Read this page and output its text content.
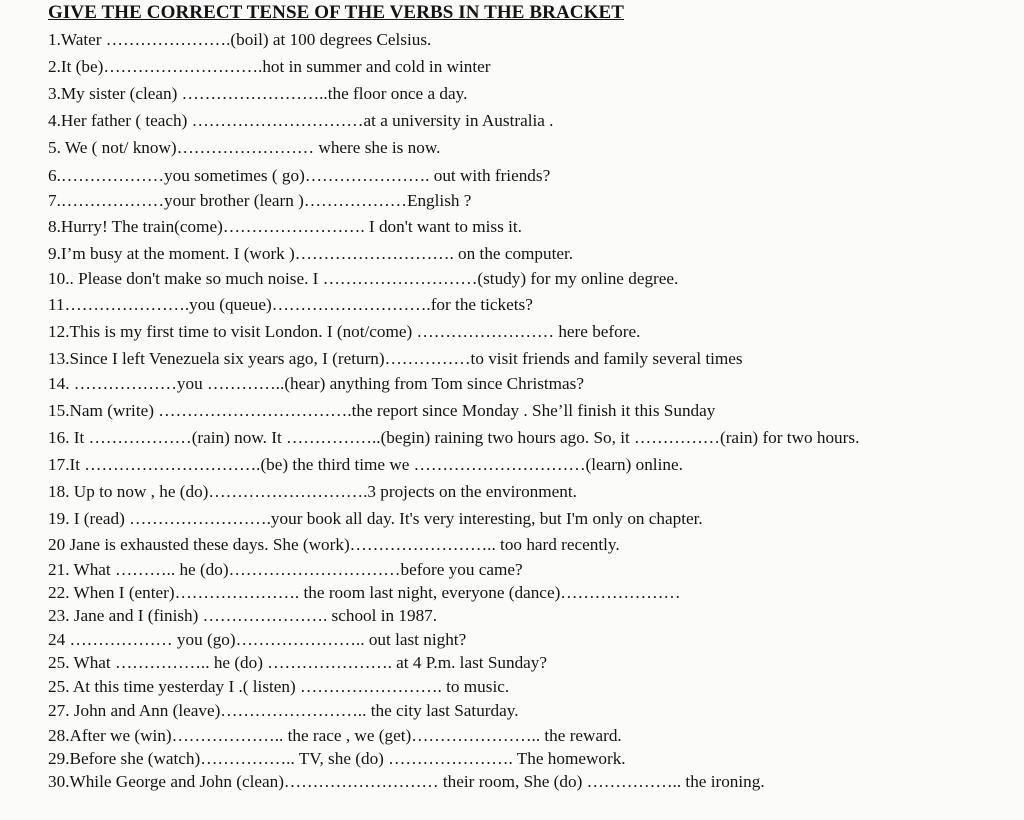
GIVE THE CORRECT TENSE OF THE VERBS IN THE BRACKET
1.Water ………………….(boil) at 100 degrees Celsius.
2.It (be)……………………….hot in summer and cold in winter
3.My sister (clean) ……………………..the floor once a day.
4.Her father ( teach) …………………………at a university in Australia .
5. We ( not/ know)…………………… where she is now.
6.………………you sometimes ( go)…………………. out with friends?
7.………………your brother (learn )………………English ?
8.Hurry! The train(come)……………………. I don't want to miss it.
9.I’m busy at the moment. I (work )………………………. on the computer.
10.. Please don't make so much noise. I ………………………(study) for my online degree.
11………………….you (queue)……………………….for the tickets?
12.This is my first time to visit London. I (not/come) …………………… here before.
13.Since I left Venezuela six years ago, I (return)……………to visit friends and family several times
14. ………………you …………..(hear) anything from Tom since Christmas?
15.Nam (write) …………………………….the report since Monday . She’ll finish it this Sunday
16. It ………………(rain) now. It ……………..(begin) raining two hours ago. So, it ……………(rain) for two hours.
17.It ………………………….(be) the third time we …………………………(learn) online.
18. Up to now , he (do)……………………….3 projects on the environment.
19. I (read) …………………….your book all day. It's very interesting, but I'm only on chapter.
20 Jane is exhausted these days. She (work)…………………….. too hard recently.
21. What ……….. he (do)…………………………before you came?
22. When I (enter)…………………. the room last night, everyone (dance)…………………
23. Jane and I (finish) …………………. school in 1987.
24 ……………… you (go)………………….. out last night?
25. What …………….. he (do) …………………. at 4 P.m. last Sunday?
25. At this time yesterday I .( listen) ……………………. to music.
27. John and Ann (leave)…………………….. the city last Saturday.
28.After we (win)……………….. the race , we (get)………………….. the reward.
29.Before she (watch)…………….. TV, she (do) …………………. The homework.
30.While George and John (clean)……………………… their room, She (do) …………….. the ironing.
